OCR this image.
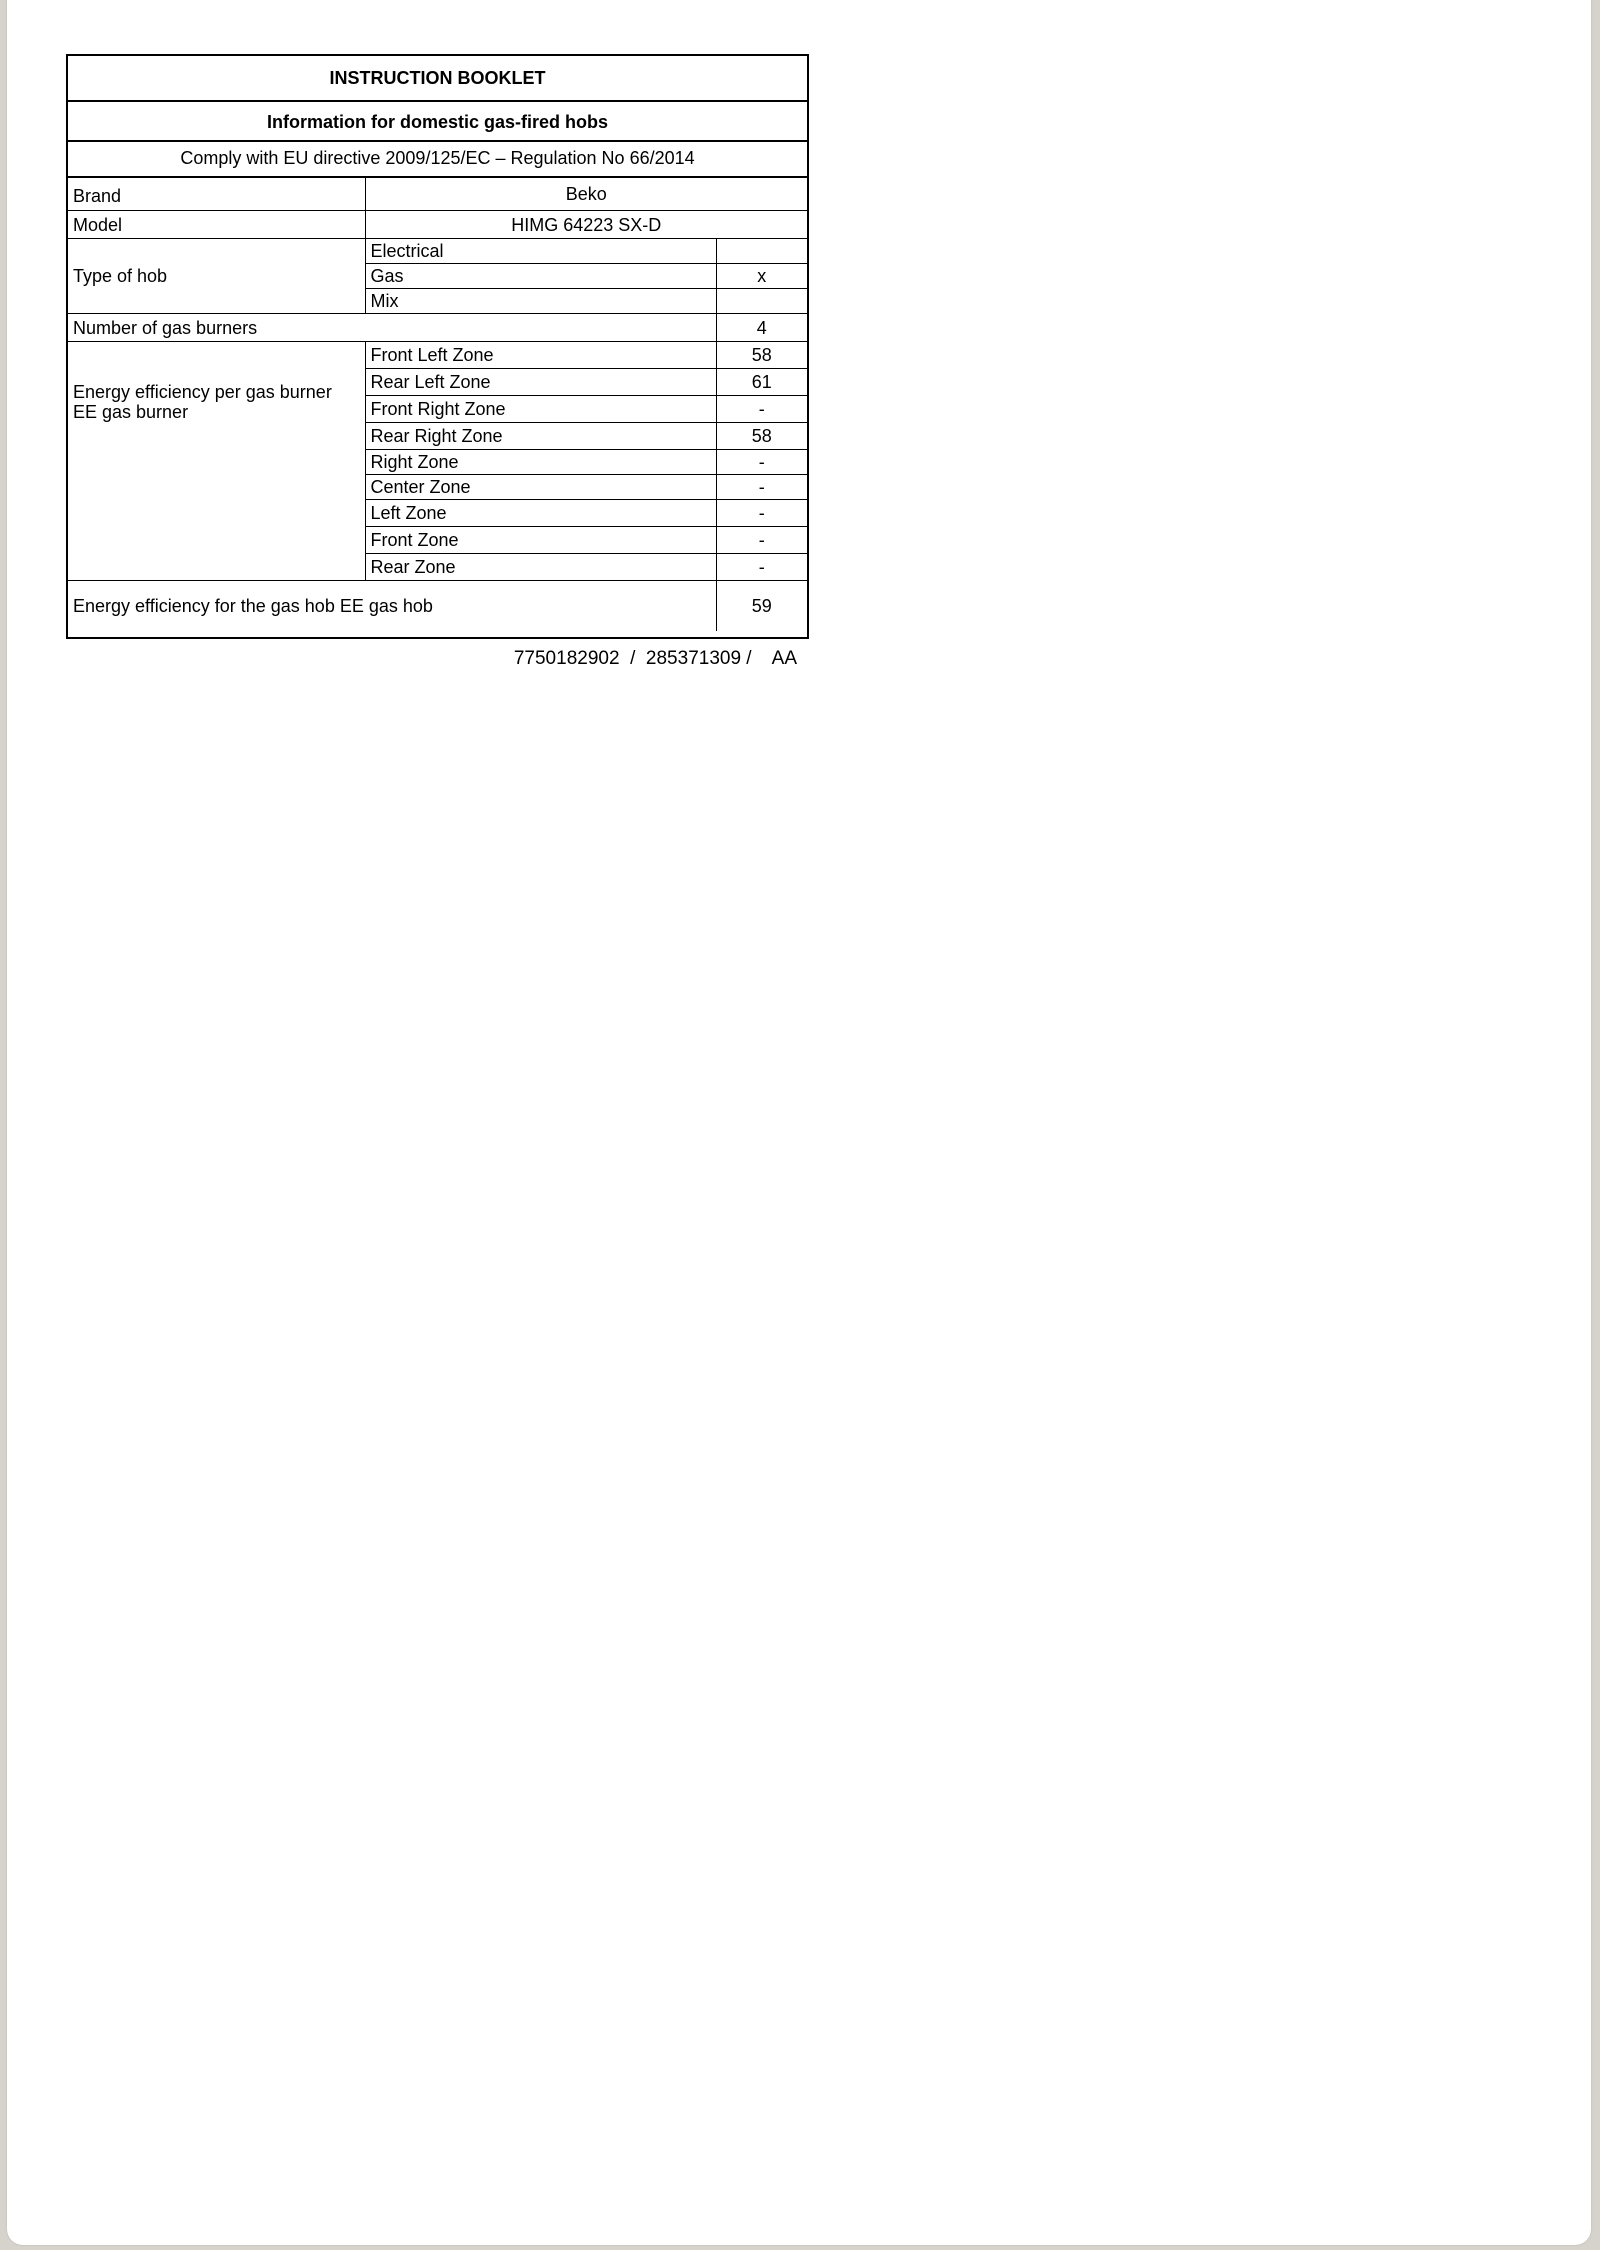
INSTRUCTION BOOKLET
Information for domestic gas-fired hobs
Comply with EU directive 2009/125/EC – Regulation No 66/2014
Brand	Beko	
Model	HIMG 64223 SX-D	
Type of hob	Electrical	
	Gas	x
	Mix	
Number of gas burners		4

Energy efficiency per gas burner
EE gas burner	Front Left Zone	58
	Rear Left Zone	61
	Front Right Zone	-
	Rear Right Zone	58
	Right Zone	-
	Center Zone	-
	Left Zone	-
	Front Zone	-
	Rear Zone	-
Energy efficiency for the gas hob EE gas hob		59
7750182902  /  285371309 /    AA
